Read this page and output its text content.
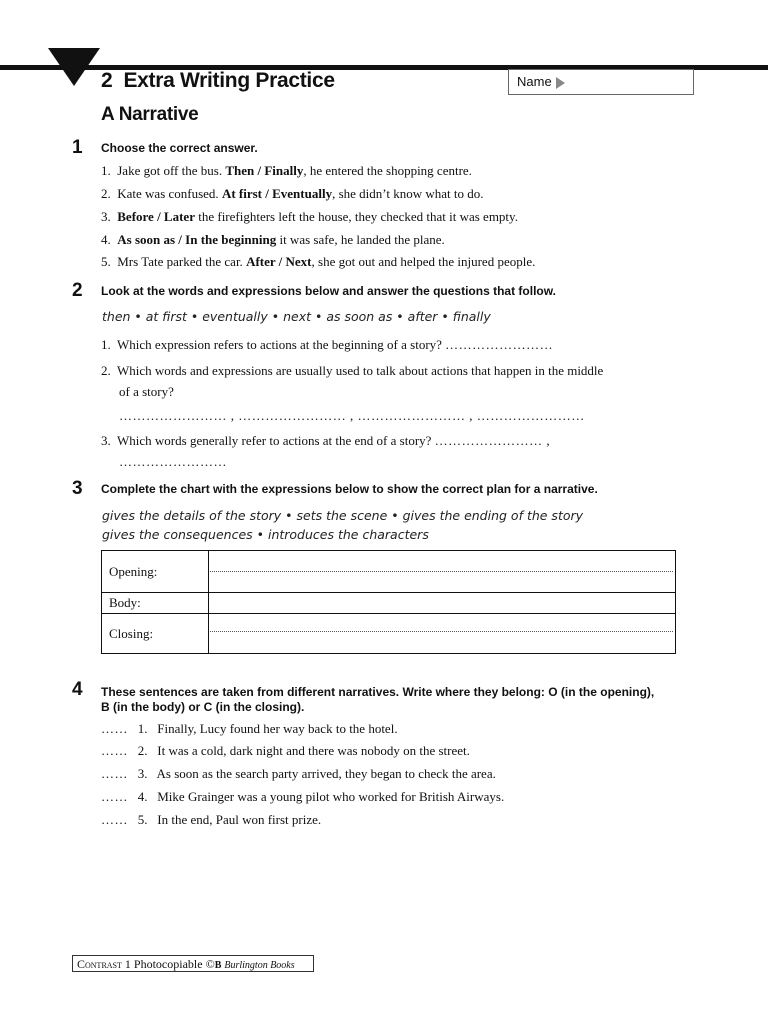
2  Extra Writing Practice
A Narrative
Name
1 Choose the correct answer.
1. Jake got off the bus. Then / Finally, he entered the shopping centre.
2. Kate was confused. At first / Eventually, she didn’t know what to do.
3. Before / Later the firefighters left the house, they checked that it was empty.
4. As soon as / In the beginning it was safe, he landed the plane.
5. Mrs Tate parked the car. After / Next, she got out and helped the injured people.
2 Look at the words and expressions below and answer the questions that follow.
then • at first • eventually • next • as soon as • after • finally
1. Which expression refers to actions at the beginning of a story? ……………………
2. Which words and expressions are usually used to talk about actions that happen in the middle
of a story?
…………………… , …………………… , …………………… , ……………………
3. Which words generally refer to actions at the end of a story? …………………… ,
……………………
3 Complete the chart with the expressions below to show the correct plan for a narrative.
gives the details of the story • sets the scene • gives the ending of the story
gives the consequences • introduces the characters
Opening:
Body:
Closing:
4 These sentences are taken from different narratives. Write where they belong: O (in the opening),
B (in the body) or C (in the closing).
…… 1. Finally, Lucy found her way back to the hotel.
…… 2. It was a cold, dark night and there was nobody on the street.
…… 3. As soon as the search party arrived, they began to check the area.
…… 4. Mike Grainger was a young pilot who worked for British Airways.
…… 5. In the end, Paul won first prize.
Contrast 1 Photocopiable ©B Burlington Books
